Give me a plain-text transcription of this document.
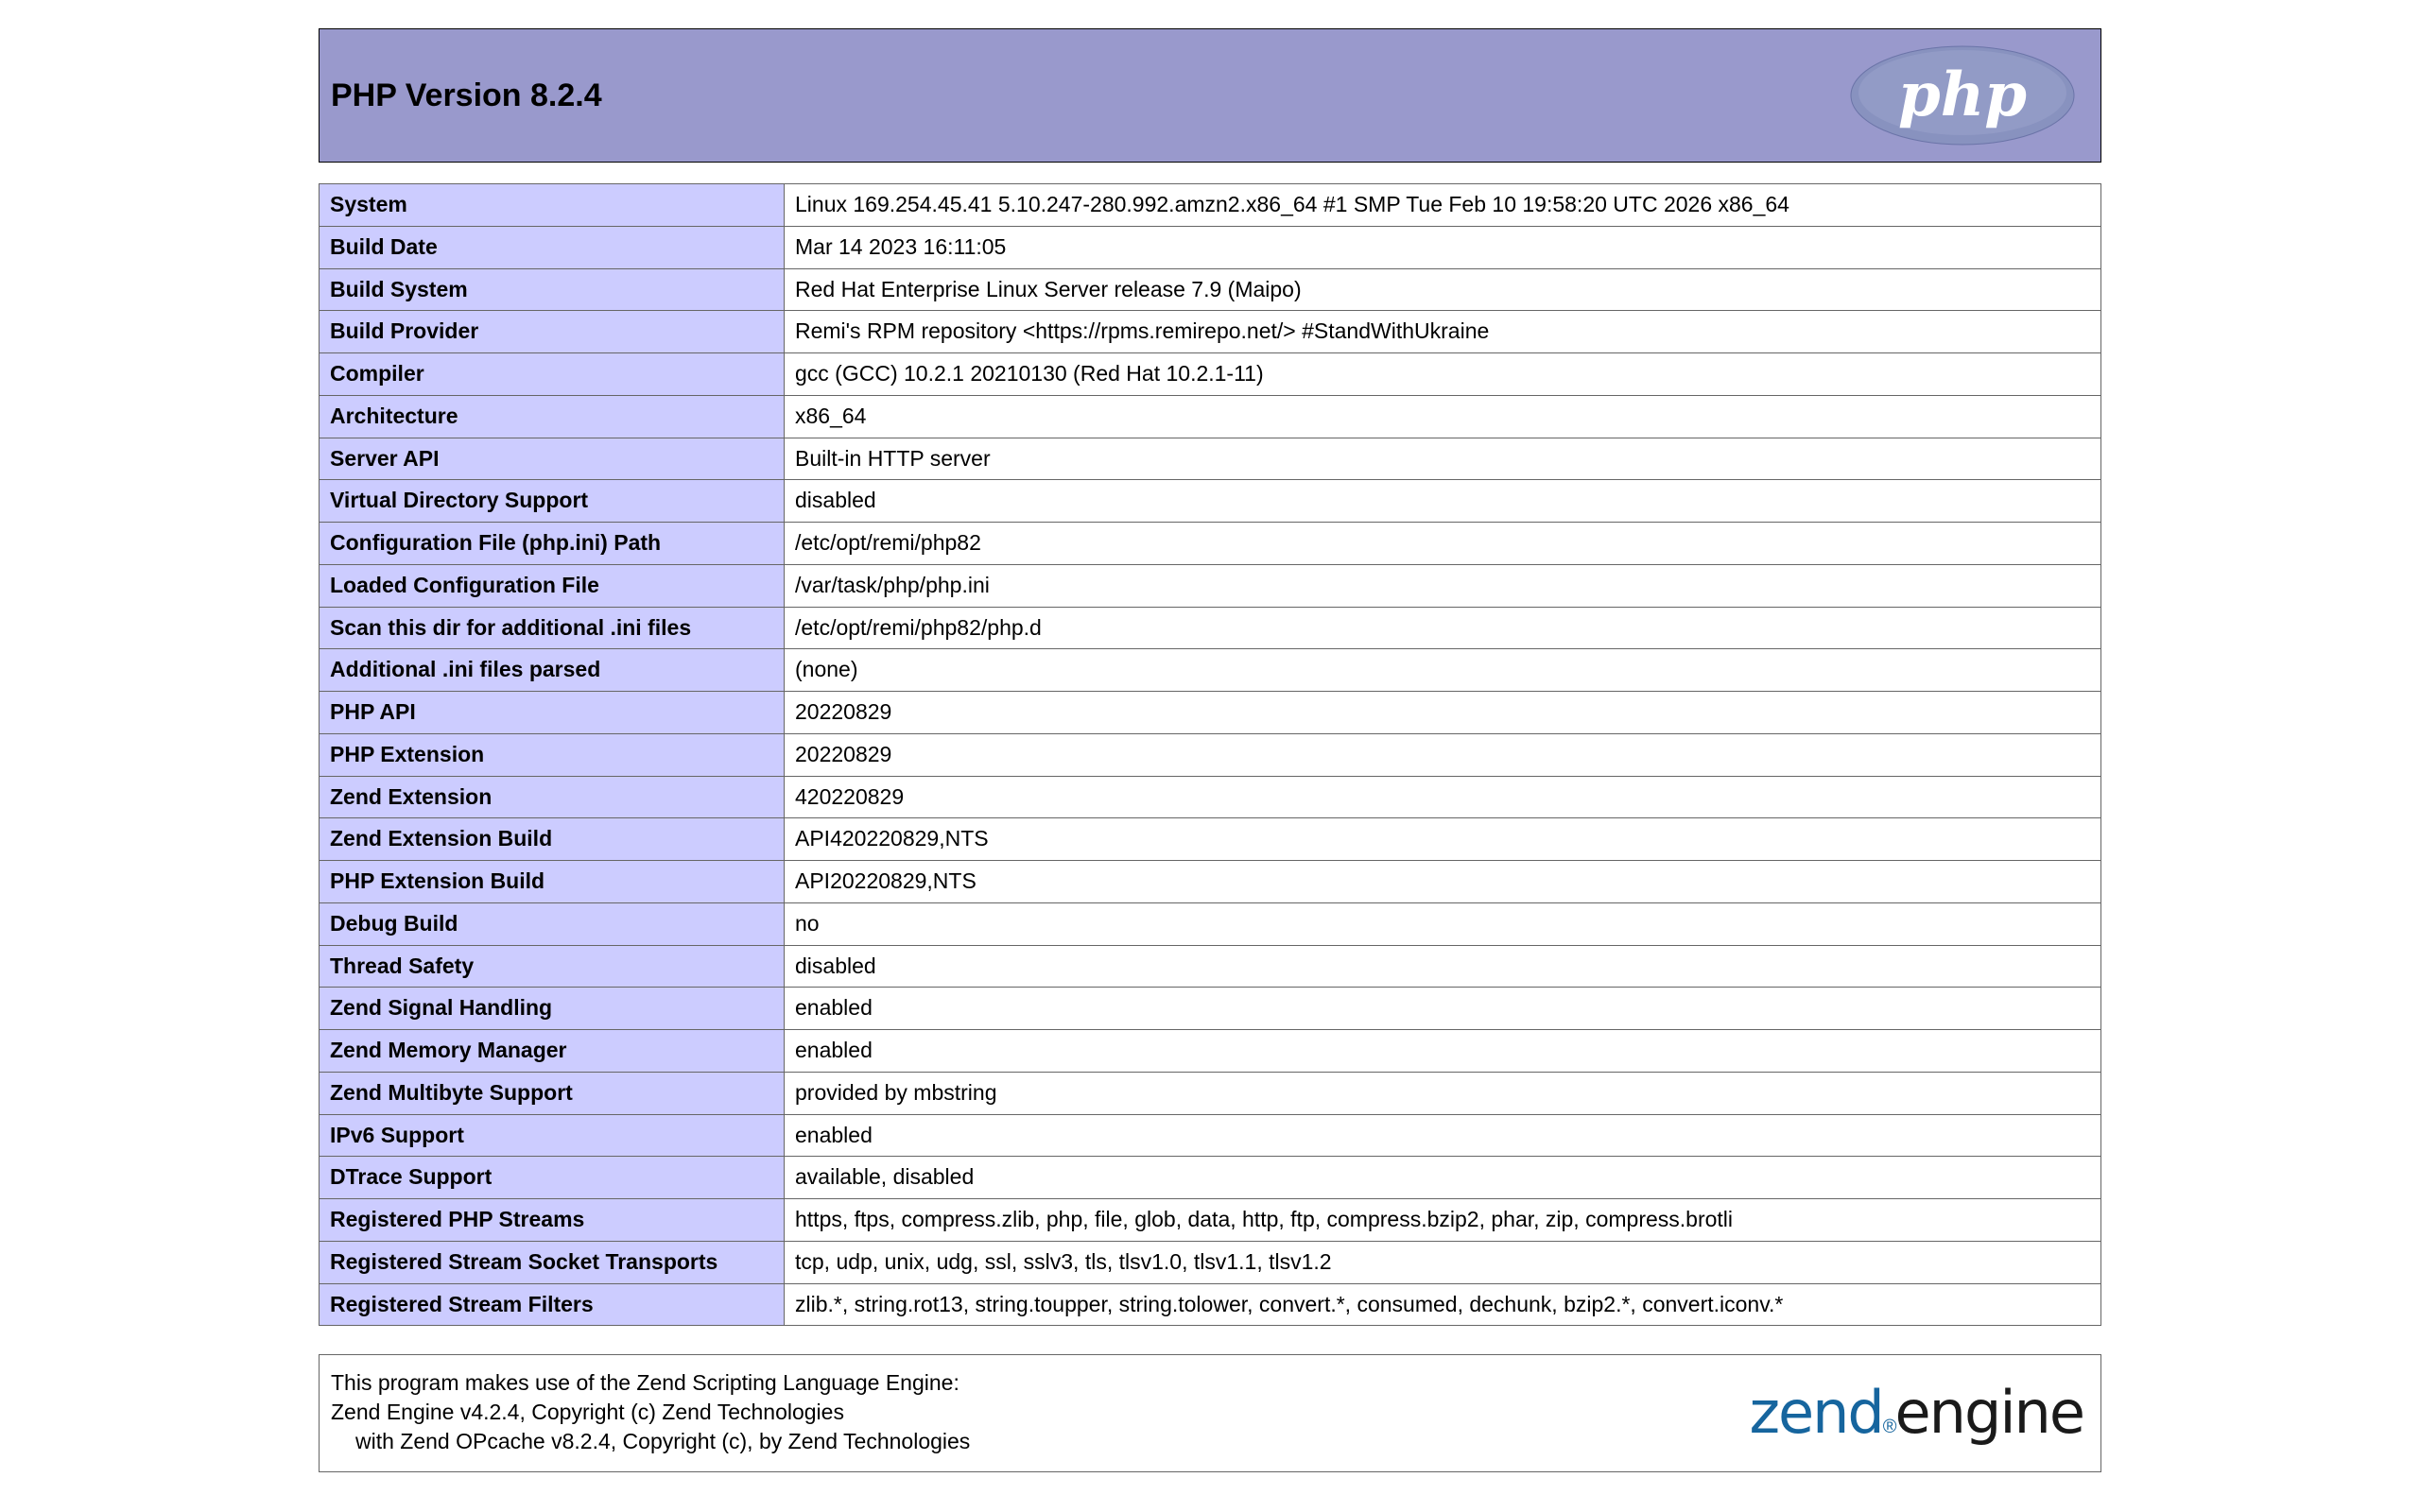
PHP Version 8.2.4	php
System	Linux 169.254.45.41 5.10.247-280.992.amzn2.x86_64 #1 SMP Tue Feb 10 19:58:20 UTC 2026 x86_64
Build Date	Mar 14 2023 16:11:05
Build System	Red Hat Enterprise Linux Server release 7.9 (Maipo)
Build Provider	Remi's RPM repository <https://rpms.remirepo.net/> #StandWithUkraine
Compiler	gcc (GCC) 10.2.1 20210130 (Red Hat 10.2.1-11)
Architecture	x86_64
Server API	Built-in HTTP server
Virtual Directory Support	disabled
Configuration File (php.ini) Path	/etc/opt/remi/php82
Loaded Configuration File	/var/task/php/php.ini
Scan this dir for additional .ini files	/etc/opt/remi/php82/php.d
Additional .ini files parsed	(none)
PHP API	20220829
PHP Extension	20220829
Zend Extension	420220829
Zend Extension Build	API420220829,NTS
PHP Extension Build	API20220829,NTS
Debug Build	no
Thread Safety	disabled
Zend Signal Handling	enabled
Zend Memory Manager	enabled
Zend Multibyte Support	provided by mbstring
IPv6 Support	enabled
DTrace Support	available, disabled
Registered PHP Streams	https, ftps, compress.zlib, php, file, glob, data, http, ftp, compress.bzip2, phar, zip, compress.brotli
Registered Stream Socket Transports	tcp, udp, unix, udg, ssl, sslv3, tls, tlsv1.0, tlsv1.1, tlsv1.2
Registered Stream Filters	zlib.*, string.rot13, string.toupper, string.tolower, convert.*, consumed, dechunk, bzip2.*, convert.iconv.*
This program makes use of the Zend Scripting Language Engine:
Zend Engine v4.2.4, Copyright (c) Zend Technologies
with Zend OPcache v8.2.4, Copyright (c), by Zend Technologies	zend ® engine
